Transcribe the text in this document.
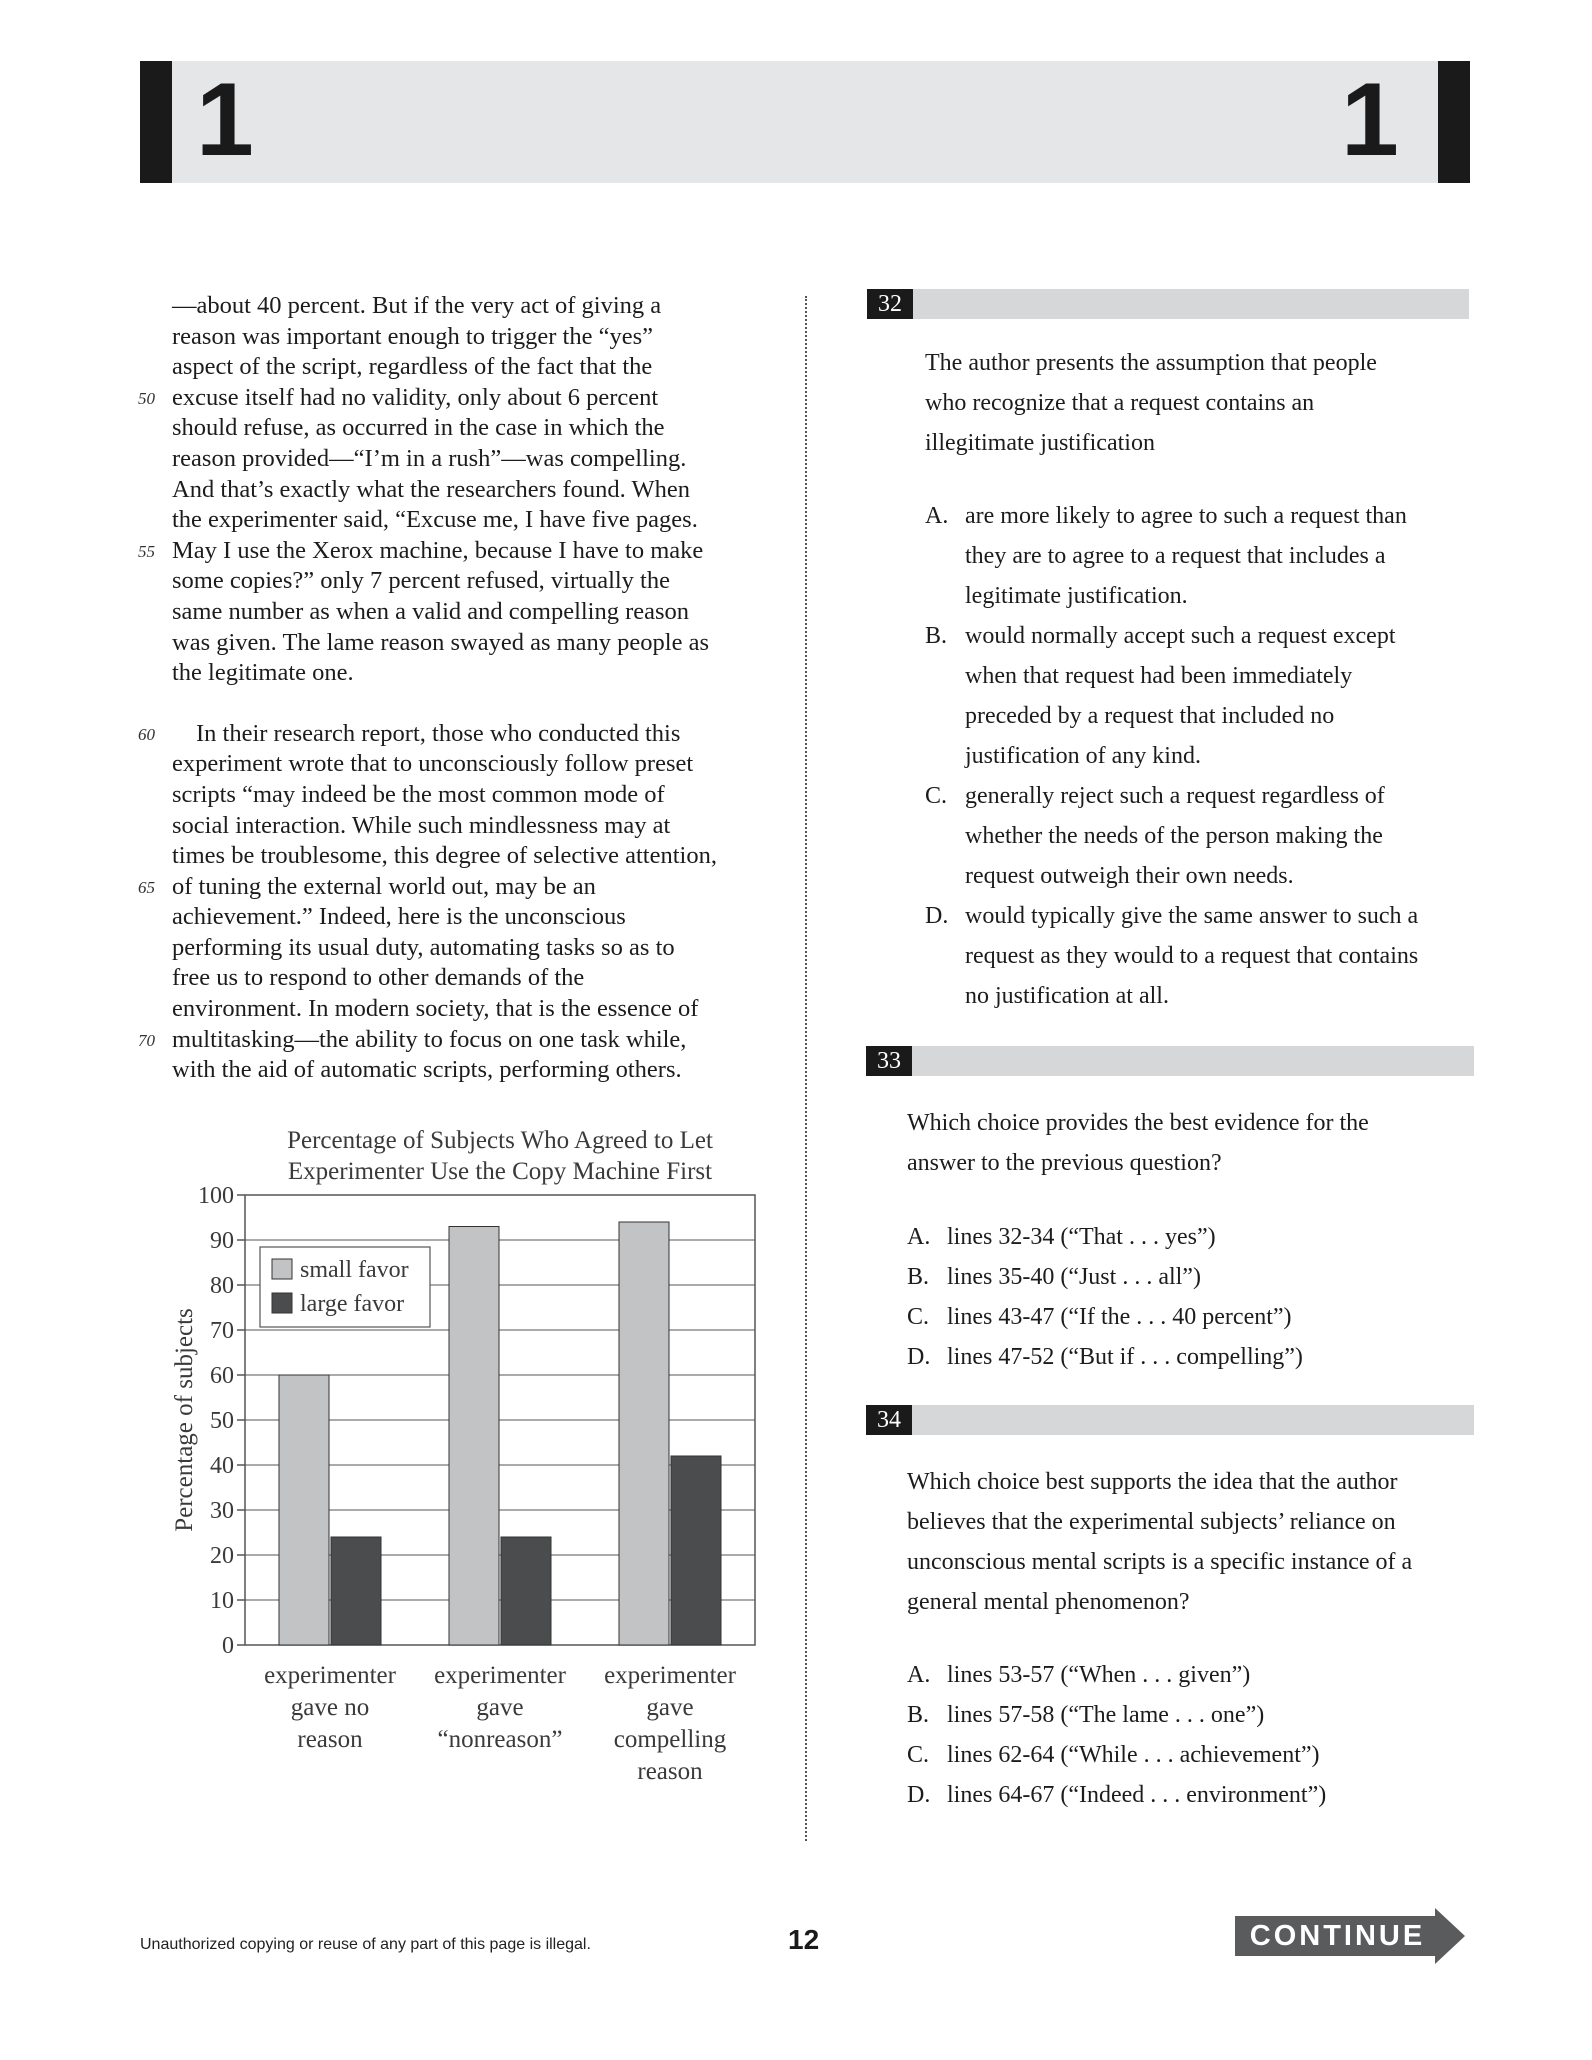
1	1
—about 40 percent. But if the very act of giving a
reason was important enough to trigger the “yes”
aspect of the script, regardless of the fact that the
50 excuse itself had no validity, only about 6 percent
should refuse, as occurred in the case in which the
reason provided—“I’m in a rush”—was compelling.
And that’s exactly what the researchers found. When
the experimenter said, “Excuse me, I have five pages.
55 May I use the Xerox machine, because I have to make
some copies?” only 7 percent refused, virtually the
same number as when a valid and compelling reason
was given. The lame reason swayed as many people as
the legitimate one.
60 In their research report, those who conducted this
experiment wrote that to unconsciously follow preset
scripts “may indeed be the most common mode of
social interaction. While such mindlessness may at
times be troublesome, this degree of selective attention,
65 of tuning the external world out, may be an
achievement.” Indeed, here is the unconscious
performing its usual duty, automating tasks so as to
free us to respond to other demands of the
environment. In modern society, that is the essence of
70 multitasking—the ability to focus on one task while,
with the aid of automatic scripts, performing others.
Percentage of Subjects Who Agreed to Let
Experimenter Use the Copy Machine First
0
10
20
30
40
50
60
70
80
90
100
Percentage of subjects
experimenter
gave no
reason
experimenter
gave
“nonreason”
experimenter
gave
compelling
reason
small favor
large favor
32
The author presents the assumption that people
who recognize that a request contains an
illegitimate justification
A. are more likely to agree to such a request than
they are to agree to a request that includes a
legitimate justification.
B. would normally accept such a request except
when that request had been immediately
preceded by a request that included no
justification of any kind.
C. generally reject such a request regardless of
whether the needs of the person making the
request outweigh their own needs.
D. would typically give the same answer to such a
request as they would to a request that contains
no justification at all.
33
Which choice provides the best evidence for the
answer to the previous question?
A. lines 32-34 (“That . . . yes”)
B. lines 35-40 (“Just . . . all”)
C. lines 43-47 (“If the . . . 40 percent”)
D. lines 47-52 (“But if . . . compelling”)
34
Which choice best supports the idea that the author
believes that the experimental subjects’ reliance on
unconscious mental scripts is a specific instance of a
general mental phenomenon?
A. lines 53-57 (“When . . . given”)
B. lines 57-58 (“The lame . . . one”)
C. lines 62-64 (“While . . . achievement”)
D. lines 64-67 (“Indeed . . . environment”)
Unauthorized copying or reuse of any part of this page is illegal.	12	CONTINUE
